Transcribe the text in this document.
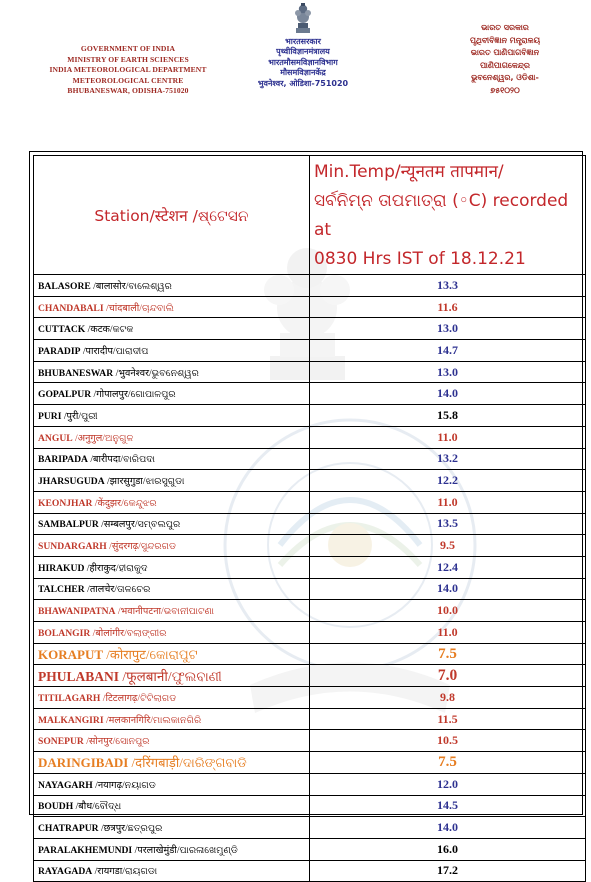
GOVERNMENT OF INDIA
MINISTRY OF EARTH SCIENCES
INDIA METEOROLOGICAL DEPARTMENT
METEOROLOGICAL CENTRE
BHUBANESWAR, ODISHA-751020
भारतसरकार
पृथ्वीविज्ञानमंत्रालय
भारतमौसमविज्ञानविभाग
मौसमविज्ञानकेंद्र
भुवनेश्वर, ओडिशा-751020
ଭାରତ ସରକାର
ପୃଥିବୀବିଜ୍ଞାନ ମନ୍ତ୍ରାଳୟ
ଭାରତ ପାଣିପାଗବିଜ୍ଞାନ
ପାଣିପାଗକେନ୍ଦ୍ର
ଭୁବନେଶ୍ୱର, ଓଡିଶା-
୭୫୧୦୨୦
Station/स्टेशन /ଷ୍ଟେସନ	Min.Temp/न्यूनतम तापमान/
ସର୍ବନିମ୍ନ ତାପମାତ୍ରା (◦C) recorded at
0830 Hrs IST of 18.12.21

BALASORE /बालासोर/ବାଲେଶ୍ୱର	13.3
CHANDABALI /चांदबाली/ଚାନ୍ଦବାଲି	11.6
CUTTACK /कटक/କଟକ	13.0
PARADIP /पारादीप/ପାରାଦୀପ	14.7
BHUBANESWAR /भुवनेश्वर/ଭୁବନେଶ୍ୱର	13.0
GOPALPUR /गोपालपुर/ଗୋପାଳପୁର	14.0
PURI /पुरी/ପୁରୀ	15.8
ANGUL /अनुगुल/ଅନୁଗୁଳ	11.0
BARIPADA /बारीपदा/ବାରିପଦା	13.2
JHARSUGUDA /झारसुगुडा/ଝାରସୁଗୁଡା	12.2
KEONJHAR /केंदुझर/କେନ୍ଦୁଝର	11.0
SAMBALPUR /सम्बलपुर/ସମ୍ବଲପୁର	13.5
SUNDARGARH /सुंदरगढ़/ସୁନ୍ଦରଗଡ	9.5
HIRAKUD /हीराकुद/ହୀରାକୁଦ	12.4
TALCHER /तालचेर/ତାଳଚେର	14.0
BHAWANIPATNA /भवानीपटना/ଭବାନୀପାଟଣା	10.0
BOLANGIR /बोलांगीर/ବଲାଙ୍ଗୀର	11.0
KORAPUT /कोरापुट/କୋରାପୁଟ	7.5
PHULABANI /फूलबानी/ଫୁଲବାଣୀ	7.0
TITILAGARH /टिटलागढ़/ଟିଟିଲାଗଡ	9.8
MALKANGIRI /मलकानगिरि/ମାଲକାନଗିରି	11.5
SONEPUR /सोनपुर/ସୋନପୁର	10.5
DARINGIBADI /दरिंगबाड़ी/ଦାରିଙ୍ଗବାଡି	7.5
NAYAGARH /नयागढ़/ନୟାଗଡ	12.0
BOUDH /बौध/ବୌଦ୍ଧ	14.5
CHATRAPUR /छत्रपुर/ଛତ୍ରପୁର	14.0
PARALAKHEMUNDI /परलाखेमुंडी/ପାରଳାଖେମୁଣ୍ଡି	16.0
RAYAGADA /रायगडा/ରାୟଗଡା	17.2
